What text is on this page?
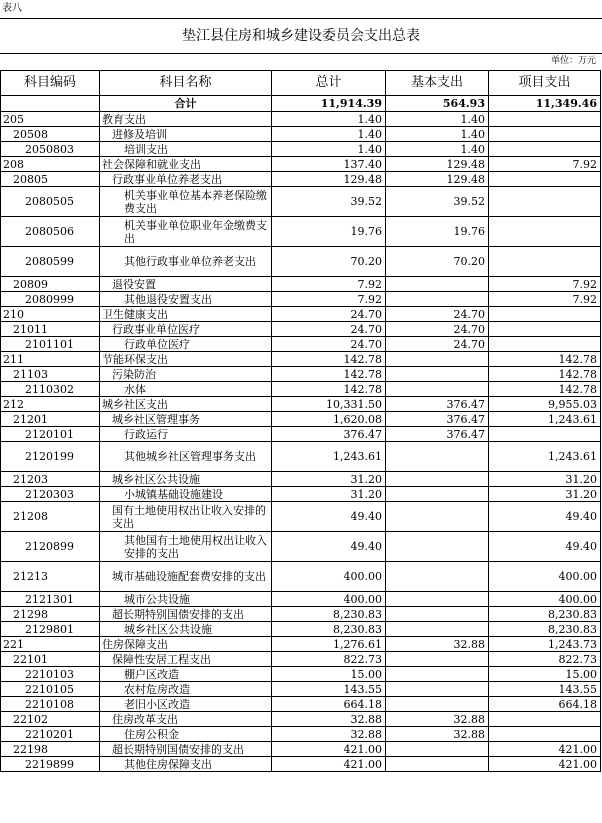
表八
垫江县住房和城乡建设委员会支出总表
单位：万元
科目编码	科目名称	总计	基本支出	项目支出
	合计	11,914.39	564.93	11,349.46
205	教育支出	1.40	1.40	
20508	进修及培训	1.40	1.40	
2050803	培训支出	1.40	1.40	
208	社会保障和就业支出	137.40	129.48	7.92
20805	行政事业单位养老支出	129.48	129.48	
2080505	机关事业单位基本养老保险缴费支出	39.52	39.52	
2080506	机关事业单位职业年金缴费支出	19.76	19.76	
2080599	其他行政事业单位养老支出	70.20	70.20	
20809	退役安置	7.92		7.92
2080999	其他退役安置支出	7.92		7.92
210	卫生健康支出	24.70	24.70	
21011	行政事业单位医疗	24.70	24.70	
2101101	行政单位医疗	24.70	24.70	
211	节能环保支出	142.78		142.78
21103	污染防治	142.78		142.78
2110302	水体	142.78		142.78
212	城乡社区支出	10,331.50	376.47	9,955.03
21201	城乡社区管理事务	1,620.08	376.47	1,243.61
2120101	行政运行	376.47	376.47	
2120199	其他城乡社区管理事务支出	1,243.61		1,243.61
21203	城乡社区公共设施	31.20		31.20
2120303	小城镇基础设施建设	31.20		31.20
21208	国有土地使用权出让收入安排的支出	49.40		49.40
2120899	其他国有土地使用权出让收入安排的支出	49.40		49.40
21213	城市基础设施配套费安排的支出	400.00		400.00
2121301	城市公共设施	400.00		400.00
21298	超长期特别国债安排的支出	8,230.83		8,230.83
2129801	城乡社区公共设施	8,230.83		8,230.83
221	住房保障支出	1,276.61	32.88	1,243.73
22101	保障性安居工程支出	822.73		822.73
2210103	棚户区改造	15.00		15.00
2210105	农村危房改造	143.55		143.55
2210108	老旧小区改造	664.18		664.18
22102	住房改革支出	32.88	32.88	
2210201	住房公积金	32.88	32.88	
22198	超长期特别国债安排的支出	421.00		421.00
2219899	其他住房保障支出	421.00		421.00
